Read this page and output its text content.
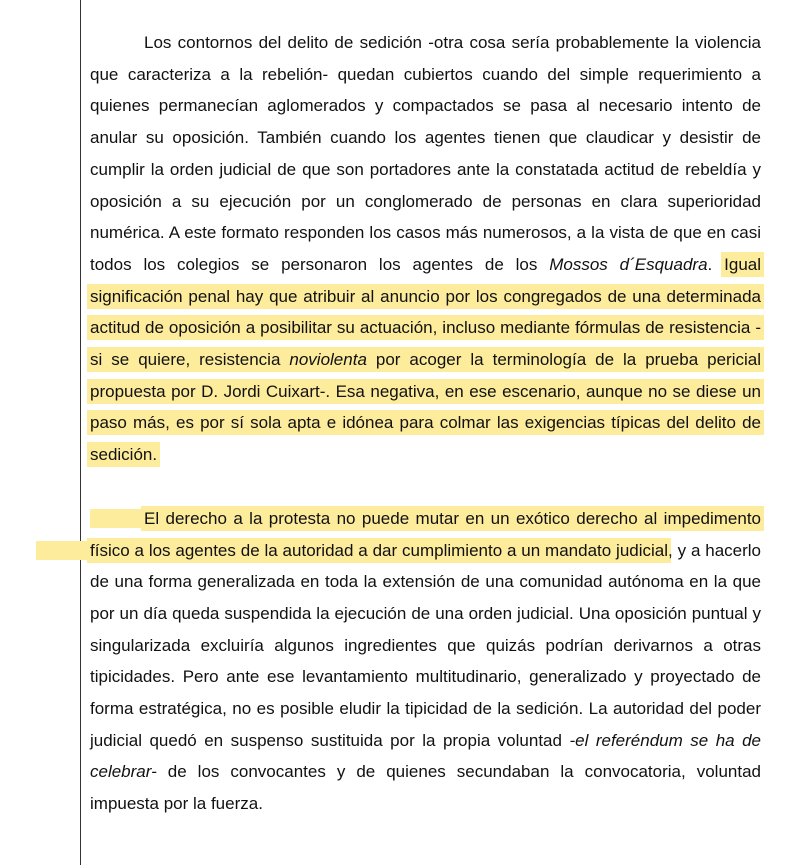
Los contornos del delito de sedición -otra cosa sería probablemente la violencia que caracteriza a la rebelión- quedan cubiertos cuando del simple requerimiento a quienes permanecían aglomerados y compactados se pasa al necesario intento de anular su oposición. También cuando los agentes tienen que claudicar y desistir de cumplir la orden judicial de que son portadores ante la constatada actitud de rebeldía y oposición a su ejecución por un conglomerado de personas en clara superioridad numérica. A este formato responden los casos más numerosos, a la vista de que en casi todos los colegios se personaron los agentes de los Mossos d´Esquadra. Igual significación penal hay que atribuir al anuncio por los congregados de una determinada actitud de oposición a posibilitar su actuación, incluso mediante fórmulas de resistencia -si se quiere, resistencia noviolenta por acoger la terminología de la prueba pericial propuesta por D. Jordi Cuixart-. Esa negativa, en ese escenario, aunque no se diese un paso más, es por sí sola apta e idónea para colmar las exigencias típicas del delito de sedición.

El derecho a la protesta no puede mutar en un exótico derecho al impedimento físico a los agentes de la autoridad a dar cumplimiento a un mandato judicial, y a hacerlo de una forma generalizada en toda la extensión de una comunidad autónoma en la que por un día queda suspendida la ejecución de una orden judicial. Una oposición puntual y singularizada excluiría algunos ingredientes que quizás podrían derivarnos a otras tipicidades. Pero ante ese levantamiento multitudinario, generalizado y proyectado de forma estratégica, no es posible eludir la tipicidad de la sedición. La autoridad del poder judicial quedó en suspenso sustituida por la propia voluntad -el referéndum se ha de celebrar- de los convocantes y de quienes secundaban la convocatoria, voluntad impuesta por la fuerza.
